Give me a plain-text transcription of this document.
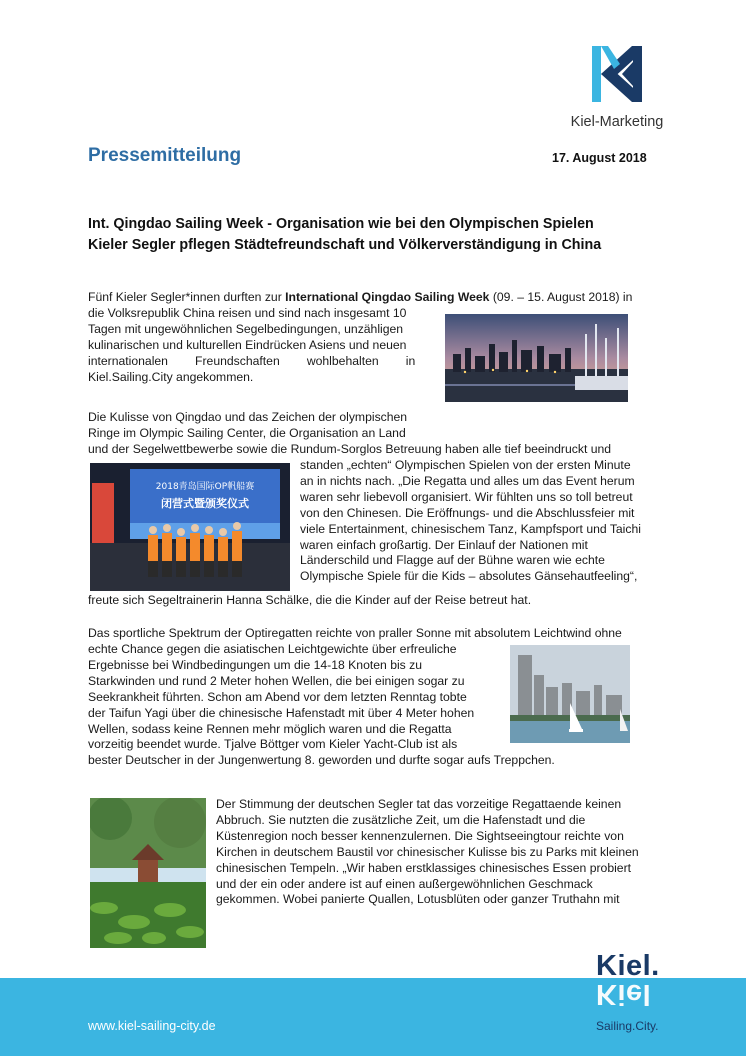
Kiel-Marketing
Pressemitteilung	17. August 2018
Int. Qingdao Sailing Week - Organisation wie bei den Olympischen Spielen
Kieler Segler pflegen Städtefreundschaft und Völkerverständigung in China
Fünf Kieler Segler*innen durften zur International Qingdao Sailing Week (09. – 15. August 2018) in
die Volksrepublik China reisen und sind nach insgesamt 10
Tagen mit ungewöhnlichen Segelbedingungen, unzähligen
kulinarischen und kulturellen Eindrücken Asiens und neuen
internationalen        Freundschaften        wohlbehalten        in
Kiel.Sailing.City angekommen.
Die Kulisse von Qingdao und das Zeichen der olympischen
Ringe im Olympic Sailing Center, die Organisation an Land
und der Segelwettbewerbe sowie die Rundum-Sorglos Betreuung haben alle tief beeindruckt und
2018青岛国际OP帆船赛
闭营式暨颁奖仪式
standen „echten“ Olympischen Spielen von der ersten Minute
an in nichts nach. „Die Regatta und alles um das Event herum
waren sehr liebevoll organisiert. Wir fühlten uns so toll betreut
von den Chinesen. Die Eröffnungs- und die Abschlussfeier mit
viele Entertainment, chinesischem Tanz, Kampfsport und Taichi
waren einfach großartig. Der Einlauf der Nationen mit
Länderschild und Flagge auf der Bühne waren wie echte
Olympische Spiele für die Kids – absolutes Gänsehautfeeling“,
freute sich Segeltrainerin Hanna Schälke, die die Kinder auf der Reise betreut hat.
Das sportliche Spektrum der Optiregatten reichte von praller Sonne mit absolutem Leichtwind ohne
echte Chance gegen die asiatischen Leichtgewichte über erfreuliche
Ergebnisse bei Windbedingungen um die 14-18 Knoten bis zu
Starkwinden und rund 2 Meter hohen Wellen, die bei einigen sogar zu
Seekrankheit führten. Schon am Abend vor dem letzten Renntag tobte
der Taifun Yagi über die chinesische Hafenstadt mit über 4 Meter hohen
Wellen, sodass keine Rennen mehr möglich waren und die Regatta
vorzeitig beendet wurde. Tjalve Böttger vom Kieler Yacht-Club ist als
bester Deutscher in der Jungenwertung 8. geworden und durfte sogar aufs Treppchen.
Der Stimmung der deutschen Segler tat das vorzeitige Regattaende keinen
Abbruch. Sie nutzten die zusätzliche Zeit, um die Hafenstadt und die
Küstenregion noch besser kennenzulernen. Die Sightseeingtour reichte von
Kirchen in deutschem Baustil vor chinesischer Kulisse bis zu Parks mit kleinen
chinesischen Tempeln. „Wir haben erstklassiges chinesisches Essen probiert
und der ein oder andere ist auf einen außergewöhnlichen Geschmack
gekommen. Wobei panierte Quallen, Lotusblüten oder ganzer Truthahn mit
www.kiel-sailing-city.de
Kiel.
Kiel
Sailing.City.
